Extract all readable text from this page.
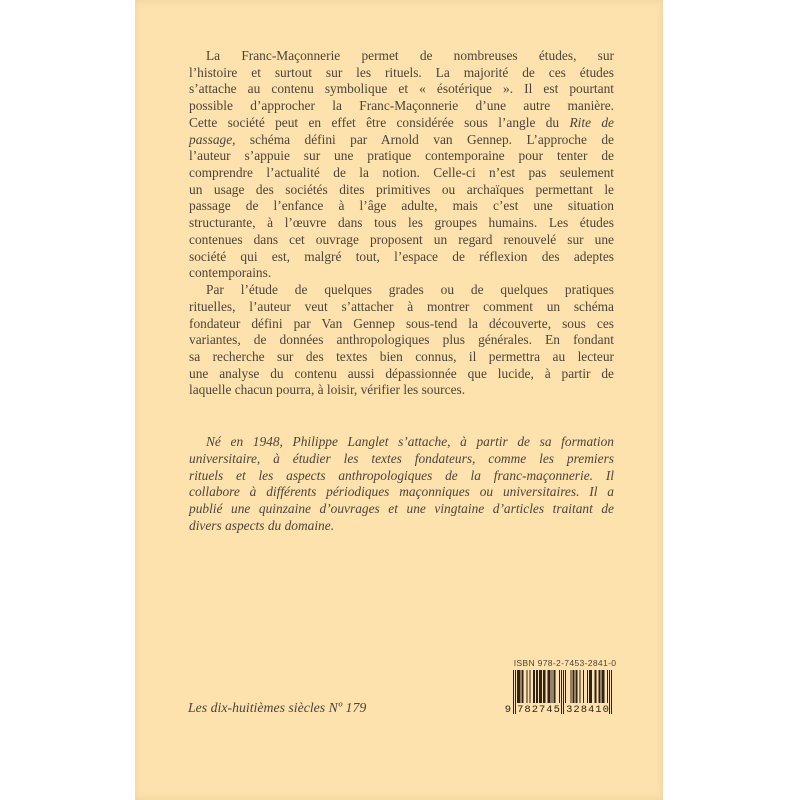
La Franc-Maçonnerie permet de nombreuses études, sur
l’histoire et surtout sur les rituels. La majorité de ces études
s’attache au contenu symbolique et « ésotérique ». Il est pourtant
possible d’approcher la Franc-Maçonnerie d’une autre manière.
Cette société peut en effet être considérée sous l’angle du Rite de
passage, schéma défini par Arnold van Gennep. L’approche de
l’auteur s’appuie sur une pratique contemporaine pour tenter de
comprendre l’actualité de la notion. Celle-ci n’est pas seulement
un usage des sociétés dites primitives ou archaïques permettant le
passage de l’enfance à l’âge adulte, mais c’est une situation
structurante, à l’œuvre dans tous les groupes humains. Les études
contenues dans cet ouvrage proposent un regard renouvelé sur une
société qui est, malgré tout, l’espace de réflexion des adeptes
contemporains.
Par l’étude de quelques grades ou de quelques pratiques
rituelles, l’auteur veut s’attacher à montrer comment un schéma
fondateur défini par Van Gennep sous-tend la découverte, sous ces
variantes, de données anthropologiques plus générales. En fondant
sa recherche sur des textes bien connus, il permettra au lecteur
une analyse du contenu aussi dépassionnée que lucide, à partir de
laquelle chacun pourra, à loisir, vérifier les sources.
Né en 1948, Philippe Langlet s’attache, à partir de sa formation
universitaire, à étudier les textes fondateurs, comme les premiers
rituels et les aspects anthropologiques de la franc-maçonnerie. Il
collabore à différents périodiques maçonniques ou universitaires. Il a
publié une quinzaine d’ouvrages et une vingtaine d’articles traitant de
divers aspects du domaine.
Les dix-huitièmes siècles Nº 179
ISBN 978-2-7453-2841-0
9 782745 328410
